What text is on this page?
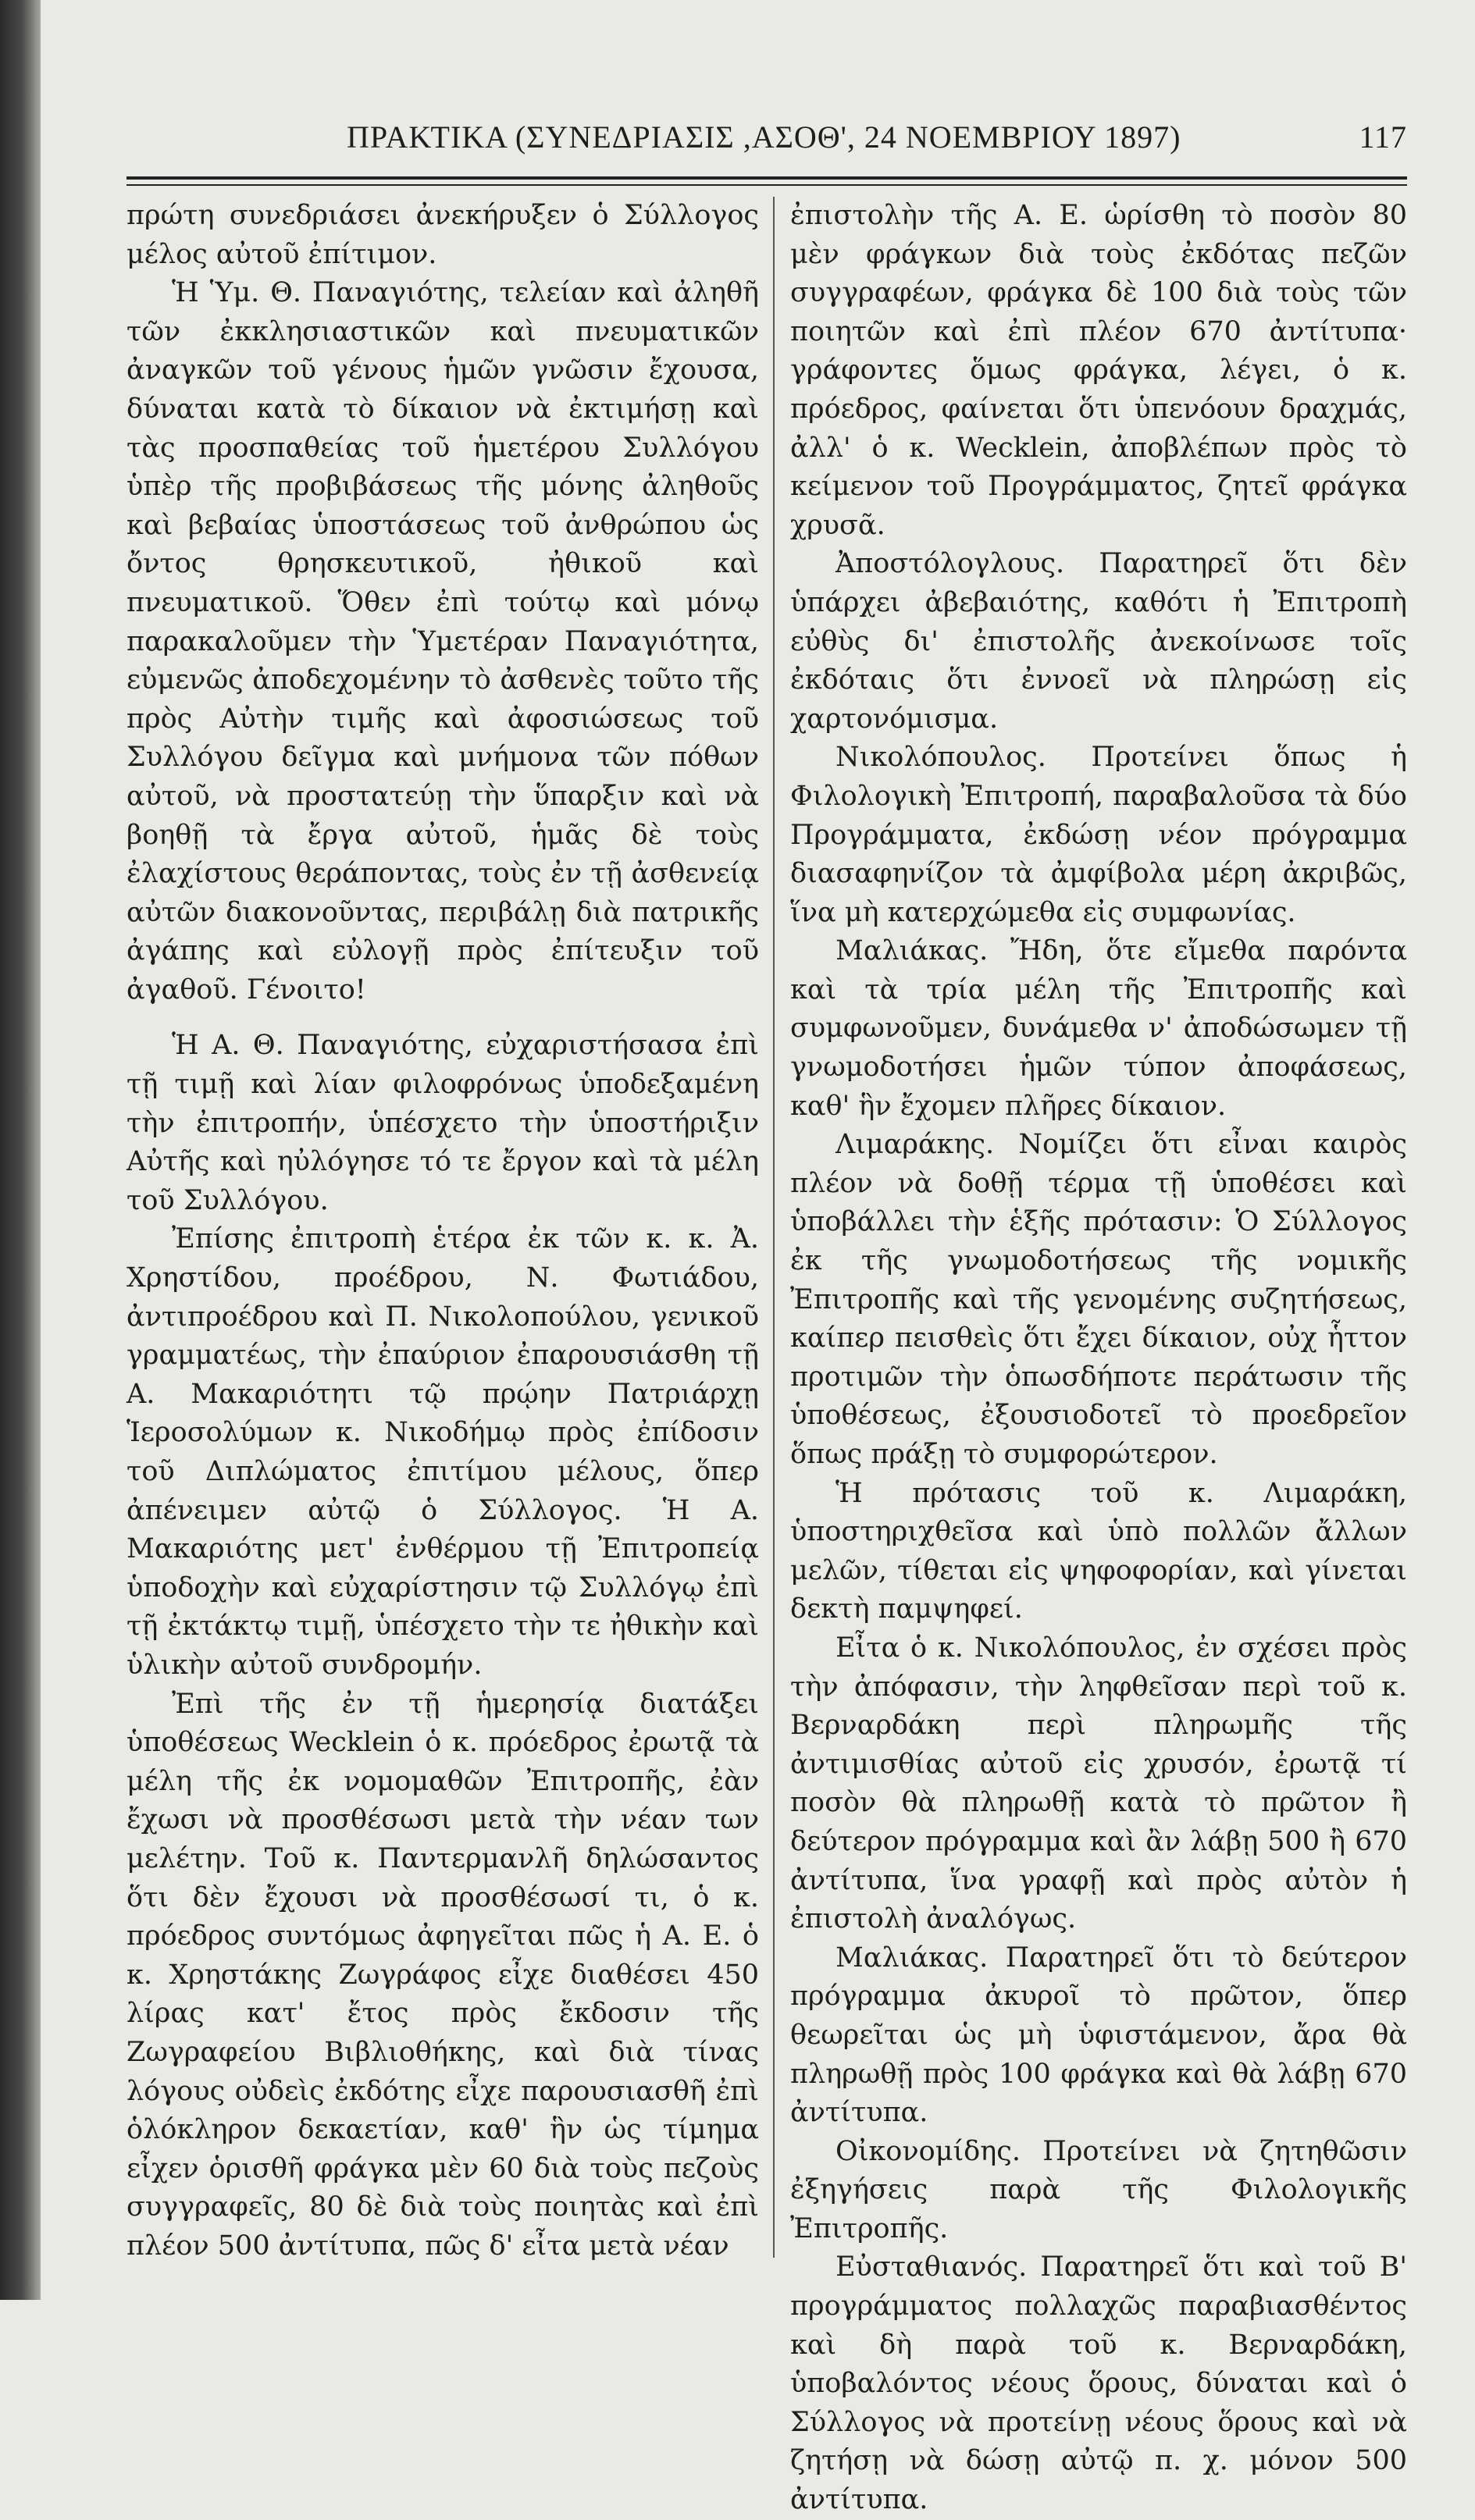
ΠΡΑΚΤΙΚΑ (ΣΥΝΕΔΡΙΑΣΙΣ ,ΑΣΟΘ', 24 ΝΟΕΜΒΡΙΟΥ 1897)	117

πρώτη συνεδριάσει ἀνεκήρυξεν ὁ Σύλλογος μέλος αὐτοῦ ἐπίτιμον.

Ἡ Ὑμ. Θ. Παναγιότης, τελείαν καὶ ἀληθῆ τῶν ἐκκλησιαστικῶν καὶ πνευματικῶν ἀναγκῶν τοῦ γένους ἡμῶν γνῶσιν ἔχουσα, δύναται κατὰ τὸ δίκαιον νὰ ἐκτιμήσῃ καὶ τὰς προσπαθείας τοῦ ἡμετέρου Συλλόγου ὑπὲρ τῆς προβιβάσεως τῆς μόνης ἀληθοῦς καὶ βεβαίας ὑποστάσεως τοῦ ἀνθρώπου ὡς ὄντος θρησκευτικοῦ, ἠθικοῦ καὶ πνευματικοῦ. Ὅθεν ἐπὶ τούτῳ καὶ μόνῳ παρακαλοῦμεν τὴν Ὑμετέραν Παναγιότητα, εὐμενῶς ἀποδεχομένην τὸ ἀσθενὲς τοῦτο τῆς πρὸς Αὐτὴν τιμῆς καὶ ἀφοσιώσεως τοῦ Συλλόγου δεῖγμα καὶ μνήμονα τῶν πόθων αὐτοῦ, νὰ προστατεύῃ τὴν ὕπαρξιν καὶ νὰ βοηθῇ τὰ ἔργα αὐτοῦ, ἡμᾶς δὲ τοὺς ἐλαχίστους θεράποντας, τοὺς ἐν τῇ ἀσθενείᾳ αὐτῶν διακονοῦντας, περιβάλῃ διὰ πατρικῆς ἀγάπης καὶ εὐλογῇ πρὸς ἐπίτευξιν τοῦ ἀγαθοῦ. Γένοιτο!

Ἡ Α. Θ. Παναγιότης, εὐχαριστήσασα ἐπὶ τῇ τιμῇ καὶ λίαν φιλοφρόνως ὑποδεξαμένη τὴν ἐπιτροπήν, ὑπέσχετο τὴν ὑποστήριξιν Αὐτῆς καὶ ηὐλόγησε τό τε ἔργον καὶ τὰ μέλη τοῦ Συλλόγου.

Ἐπίσης ἐπιτροπὴ ἑτέρα ἐκ τῶν κ. κ. Ἀ. Χρηστίδου, προέδρου, Ν. Φωτιάδου, ἀντιπροέδρου καὶ Π. Νικολοπούλου, γενικοῦ γραμματέως, τὴν ἐπαύριον ἐπαρουσιάσθη τῇ Α. Μακαριότητι τῷ πρῴην Πατριάρχῃ Ἱεροσολύμων κ. Νικοδήμῳ πρὸς ἐπίδοσιν τοῦ Διπλώματος ἐπιτίμου μέλους, ὅπερ ἀπένειμεν αὐτῷ ὁ Σύλλογος. Ἡ Α. Μακαριότης μετ' ἐνθέρμου τῇ Ἐπιτροπείᾳ ὑποδοχὴν καὶ εὐχαρίστησιν τῷ Συλλόγῳ ἐπὶ τῇ ἐκτάκτῳ τιμῇ, ὑπέσχετο τὴν τε ἠθικὴν καὶ ὑλικὴν αὐτοῦ συνδρομήν.

Ἐπὶ τῆς ἐν τῇ ἡμερησίᾳ διατάξει ὑποθέσεως Wecklein ὁ κ. πρόεδρος ἐρωτᾷ τὰ μέλη τῆς ἐκ νομομαθῶν Ἐπιτροπῆς, ἐὰν ἔχωσι νὰ προσθέσωσι μετὰ τὴν νέαν των μελέτην. Τοῦ κ. Παντερμανλῆ δηλώσαντος ὅτι δὲν ἔχουσι νὰ προσθέσωσί τι, ὁ κ. πρόεδρος συντόμως ἀφηγεῖται πῶς ἡ Α. Ε. ὁ κ. Χρηστάκης Ζωγράφος εἶχε διαθέσει 450 λίρας κατ' ἔτος πρὸς ἔκδοσιν τῆς Ζωγραφείου Βιβλιοθήκης, καὶ διὰ τίνας λόγους οὐδεὶς ἐκδότης εἶχε παρουσιασθῆ ἐπὶ ὁλόκληρον δεκαετίαν, καθ' ἣν ὡς τίμημα εἶχεν ὁρισθῆ φράγκα μὲν 60 διὰ τοὺς πεζοὺς συγγραφεῖς, 80 δὲ διὰ τοὺς ποιητὰς καὶ ἐπὶ πλέον 500 ἀντίτυπα, πῶς δ' εἶτα μετὰ νέαν

ἐπιστολὴν τῆς Α. Ε. ὡρίσθη τὸ ποσὸν 80 μὲν φράγκων διὰ τοὺς ἐκδότας πεζῶν συγγραφέων, φράγκα δὲ 100 διὰ τοὺς τῶν ποιητῶν καὶ ἐπὶ πλέον 670 ἀντίτυπα· γράφοντες ὅμως φράγκα, λέγει, ὁ κ. πρόεδρος, φαίνεται ὅτι ὑπενόουν δραχμάς, ἀλλ' ὁ κ. Wecklein, ἀποβλέπων πρὸς τὸ κείμενον τοῦ Προγράμματος, ζητεῖ φράγκα χρυσᾶ.

Ἀποστόλογλους. Παρατηρεῖ ὅτι δὲν ὑπάρχει ἀβεβαιότης, καθότι ἡ Ἐπιτροπὴ εὐθὺς δι' ἐπιστολῆς ἀνεκοίνωσε τοῖς ἐκδόταις ὅτι ἐννοεῖ νὰ πληρώσῃ εἰς χαρτονόμισμα.

Νικολόπουλος. Προτείνει ὅπως ἡ Φιλολογικὴ Ἐπιτροπή, παραβαλοῦσα τὰ δύο Προγράμματα, ἐκδώσῃ νέον πρόγραμμα διασαφηνίζον τὰ ἀμφίβολα μέρη ἀκριβῶς, ἵνα μὴ κατερχώμεθα εἰς συμφωνίας.

Μαλιάκας. Ἤδη, ὅτε εἴμεθα παρόντα καὶ τὰ τρία μέλη τῆς Ἐπιτροπῆς καὶ συμφωνοῦμεν, δυνάμεθα ν' ἀποδώσωμεν τῇ γνωμοδοτήσει ἡμῶν τύπον ἀποφάσεως, καθ' ἣν ἔχομεν πλῆρες δίκαιον.

Λιμαράκης. Νομίζει ὅτι εἶναι καιρὸς πλέον νὰ δοθῇ τέρμα τῇ ὑποθέσει καὶ ὑποβάλλει τὴν ἑξῆς πρότασιν: Ὁ Σύλλογος ἐκ τῆς γνωμοδοτήσεως τῆς νομικῆς Ἐπιτροπῆς καὶ τῆς γενομένης συζητήσεως, καίπερ πεισθεὶς ὅτι ἔχει δίκαιον, οὐχ ἧττον προτιμῶν τὴν ὁπωσδήποτε περάτωσιν τῆς ὑποθέσεως, ἐξουσιοδοτεῖ τὸ προεδρεῖον ὅπως πράξῃ τὸ συμφορώτερον.

Ἡ πρότασις τοῦ κ. Λιμαράκη, ὑποστηριχθεῖσα καὶ ὑπὸ πολλῶν ἄλλων μελῶν, τίθεται εἰς ψηφοφορίαν, καὶ γίνεται δεκτὴ παμψηφεί.

Εἶτα ὁ κ. Νικολόπουλος, ἐν σχέσει πρὸς τὴν ἀπόφασιν, τὴν ληφθεῖσαν περὶ τοῦ κ. Βερναρδάκη περὶ πληρωμῆς τῆς ἀντιμισθίας αὐτοῦ εἰς χρυσόν, ἐρωτᾷ τί ποσὸν θὰ πληρωθῇ κατὰ τὸ πρῶτον ἢ δεύτερον πρόγραμμα καὶ ἂν λάβῃ 500 ἢ 670 ἀντίτυπα, ἵνα γραφῇ καὶ πρὸς αὐτὸν ἡ ἐπιστολὴ ἀναλόγως.

Μαλιάκας. Παρατηρεῖ ὅτι τὸ δεύτερον πρόγραμμα ἀκυροῖ τὸ πρῶτον, ὅπερ θεωρεῖται ὡς μὴ ὑφιστάμενον, ἄρα θὰ πληρωθῇ πρὸς 100 φράγκα καὶ θὰ λάβῃ 670 ἀντίτυπα.

Οἰκονομίδης. Προτείνει νὰ ζητηθῶσιν ἐξηγήσεις παρὰ τῆς Φιλολογικῆς Ἐπιτροπῆς.

Εὐσταθιανός. Παρατηρεῖ ὅτι καὶ τοῦ Β' προγράμματος πολλαχῶς παραβιασθέντος καὶ δὴ παρὰ τοῦ κ. Βερναρδάκη, ὑποβαλόντος νέους ὅρους, δύναται καὶ ὁ Σύλλογος νὰ προτείνῃ νέους ὅρους καὶ νὰ ζητήσῃ νὰ δώσῃ αὐτῷ π. χ. μόνον 500 ἀντίτυπα.
